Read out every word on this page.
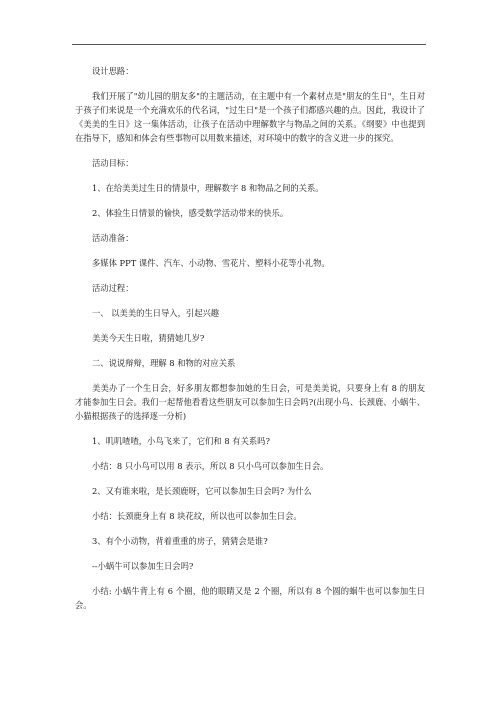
设计思路：

我们开展了"幼儿园的朋友多"的主题活动，在主题中有一个素材点是"朋友的生日"，生日对于孩子们来说是一个充满欢乐的代名词，"过生日"是一个孩子们都感兴趣的点。因此，我设计了《美美的生日》这一集体活动，让孩子在活动中理解数字与物品之间的关系。《纲要》中也提到在指导下，感知和体会有些事物可以用数来描述，对环境中的数字的含义进一步的探究。

活动目标：

1、在给美美过生日的情景中，理解数字 8 和物品之间的关系。

2、体验生日情景的愉快，感受数学活动带来的快乐。

活动准备：

多媒体 PPT 课件、汽车、小动物、雪花片、塑料小花等小礼物。

活动过程：

一、 以美美的生日导入，引起兴趣

美美今天生日啦，猜猜她几岁?

二、说说辩辩，理解 8 和物的对应关系

美美办了一个生日会，好多朋友都想参加她的生日会，可是美美说，只要身上有 8 的朋友才能参加生日会。我们一起帮他看看这些朋友可以参加生日会吗?(出现小鸟、长颈鹿、小蜗牛、小猫根据孩子的选择逐一分析)

1、叽叽喳喳，小鸟飞来了，它们和 8 有关系吗?

小结：8 只小鸟可以用 8 表示，所以 8 只小鸟可以参加生日会。

2、又有谁来啦，是长颈鹿呀，它可以参加生日会吗? 为什么

小结：长颈鹿身上有 8 块花纹，所以也可以参加生日会。

3、有个小动物，背着重重的房子，猜猜会是谁?

--小蜗牛可以参加生日会吗?

小结: 小蜗牛背上有 6 个圈，他的眼睛又是 2 个圈，所以有 8 个圆的蜗牛也可以参加生日会。
